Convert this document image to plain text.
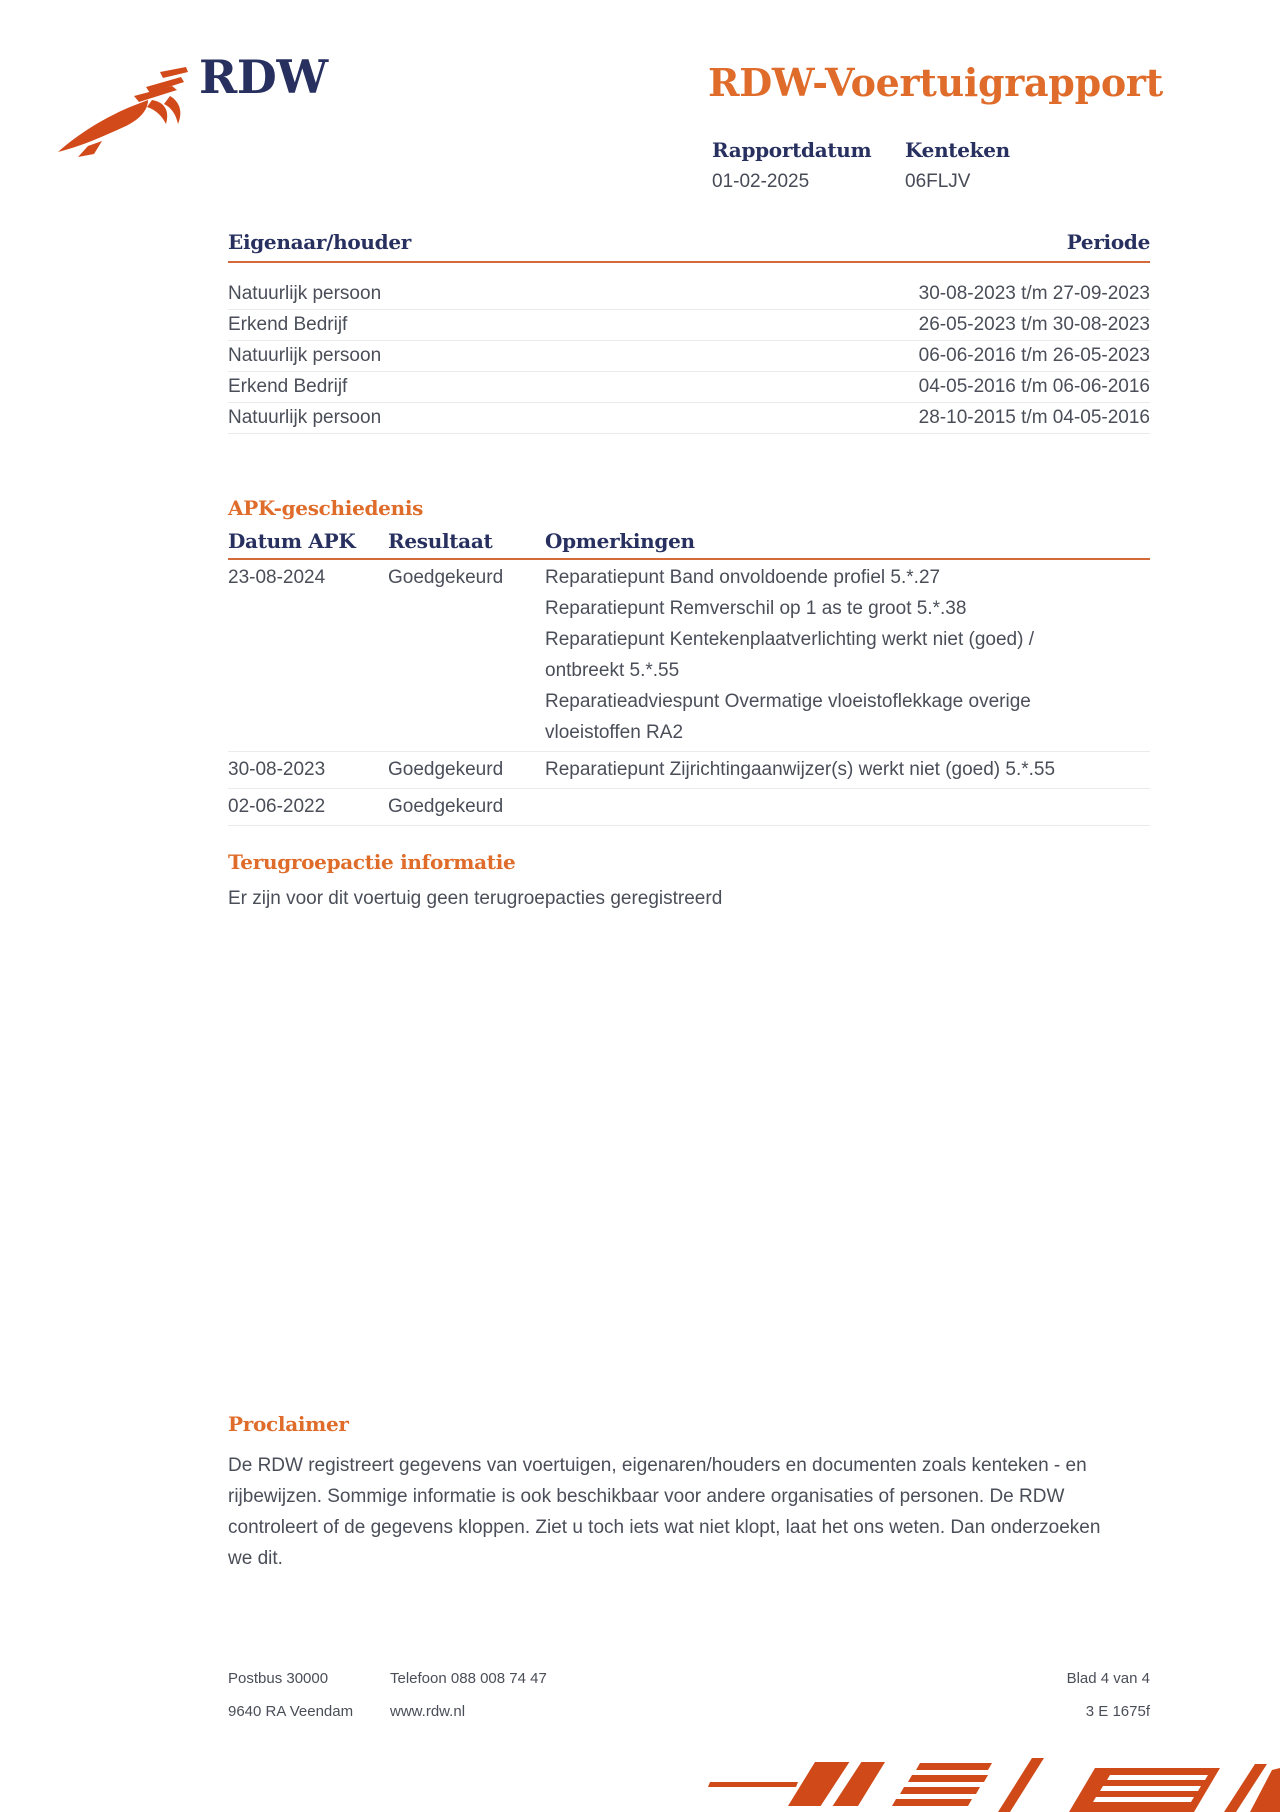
RDW	RDW-Voertuigrapport
Rapportdatum
01-02-2025
Kenteken
06FLJV
Eigenaar/houder	Periode
Natuurlijk persoon	30-08-2023 t/m 27-09-2023
Erkend Bedrijf	26-05-2023 t/m 30-08-2023
Natuurlijk persoon	06-06-2016 t/m 26-05-2023
Erkend Bedrijf	04-05-2016 t/m 06-06-2016
Natuurlijk persoon	28-10-2015 t/m 04-05-2016
APK-geschiedenis
Datum APK	Resultaat	Opmerkingen
23-08-2024	Goedgekeurd	Reparatiepunt Band onvoldoende profiel 5.*.27
Reparatiepunt Remverschil op 1 as te groot 5.*.38
Reparatiepunt Kentekenplaatverlichting werkt niet (goed) /
ontbreekt 5.*.55
Reparatieadviespunt Overmatige vloeistoflekkage overige
vloeistoffen RA2
30-08-2023	Goedgekeurd	Reparatiepunt Zijrichtingaanwijzer(s) werkt niet (goed) 5.*.55
02-06-2022	Goedgekeurd
Terugroepactie informatie
Er zijn voor dit voertuig geen terugroepacties geregistreerd
Proclaimer
De RDW registreert gegevens van voertuigen, eigenaren/houders en documenten zoals kenteken - en
rijbewijzen. Sommige informatie is ook beschikbaar voor andere organisaties of personen. De RDW
controleert of de gegevens kloppen. Ziet u toch iets wat niet klopt, laat het ons weten. Dan onderzoeken
we dit.
Postbus 30000
9640 RA Veendam
Telefoon 088 008 74 47
www.rdw.nl
Blad 4 van 4
3 E 1675f
